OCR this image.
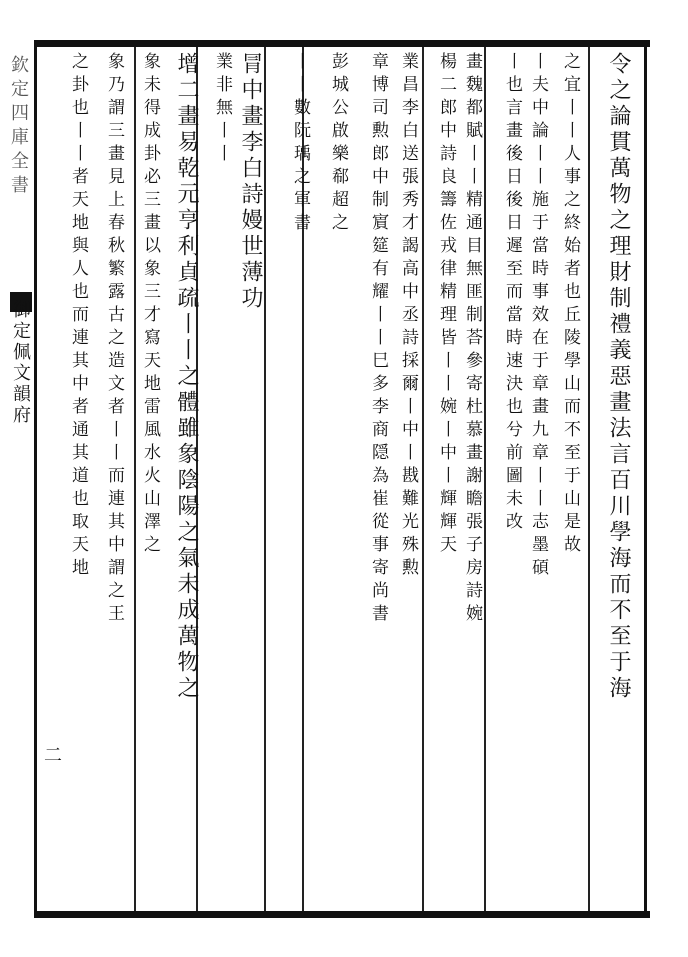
欽定四庫全書
御定佩文韻府
二
令之論貫萬物之理財制禮義惡畫法言百川學海而不至于海
之宜丨丨人事之終始者也丘陵學山而不至于山是故
丨夫中論丨丨施于當時事效在于章畫九章丨丨志墨碩
丨也言畫後日後日遲至而當時速決也兮前圖未改
畫魏都賦丨丨精通目無匪制荅參寄杜慕畫謝瞻張子房詩婉
楊二郎中詩良籌佐戎律精理皆丨丨婉丨中丨輝輝天
業昌李白送張秀才謁高中丞詩採爾丨中丨戡難光殊勲
章博司勲郎中制賔筵有耀丨丨巳多李商隠為崔從事寄尚書
彭城公啟樂郗超之
丨丨數阮瑀之軍書
冐中畫李白詩嫚世薄功
業非無丨丨
增二畫易乾元亨利貞疏丨丨之體雖象陰陽之氣未成萬物之
象未得成卦必三畫以象三才寫天地雷風水火山澤之
象乃謂三畫見上春秋繁露古之造文者丨丨而連其中謂之王
之卦也丨丨者天地與人也而連其中者通其道也取天地
